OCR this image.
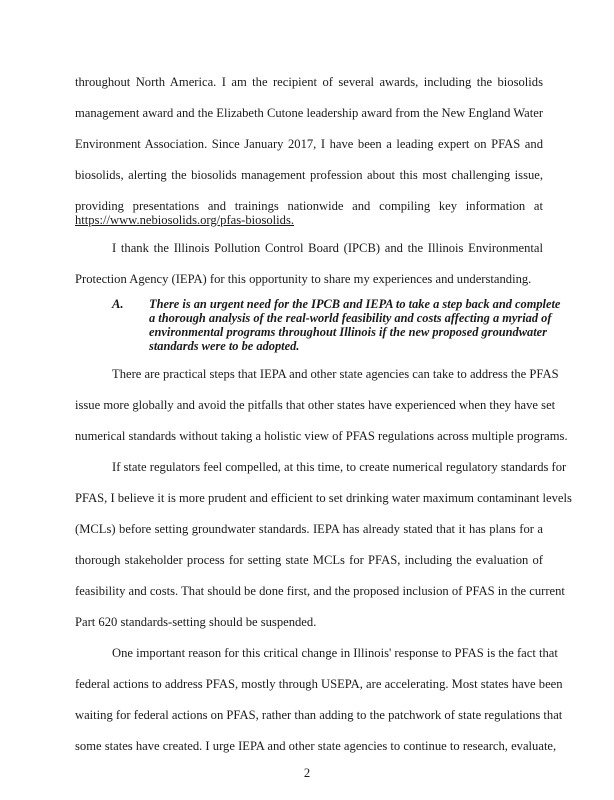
throughout North America. I am the recipient of several awards, including the biosolids
management award and the Elizabeth Cutone leadership award from the New England Water
Environment Association. Since January 2017, I have been a leading expert on PFAS and
biosolids, alerting the biosolids management profession about this most challenging issue,
providing presentations and trainings nationwide and compiling key information at
https://www.nebiosolids.org/pfas-biosolids.
I thank the Illinois Pollution Control Board (IPCB) and the Illinois Environmental
Protection Agency (IEPA) for this opportunity to share my experiences and understanding.
A. There is an urgent need for the IPCB and IEPA to take a step back and complete
a thorough analysis of the real-world feasibility and costs affecting a myriad of
environmental programs throughout Illinois if the new proposed groundwater
standards were to be adopted.
There are practical steps that IEPA and other state agencies can take to address the PFAS
issue more globally and avoid the pitfalls that other states have experienced when they have set
numerical standards without taking a holistic view of PFAS regulations across multiple programs.
If state regulators feel compelled, at this time, to create numerical regulatory standards for
PFAS, I believe it is more prudent and efficient to set drinking water maximum contaminant levels
(MCLs) before setting groundwater standards. IEPA has already stated that it has plans for a
thorough stakeholder process for setting state MCLs for PFAS, including the evaluation of
feasibility and costs. That should be done first, and the proposed inclusion of PFAS in the current
Part 620 standards-setting should be suspended.
One important reason for this critical change in Illinois' response to PFAS is the fact that
federal actions to address PFAS, mostly through USEPA, are accelerating. Most states have been
waiting for federal actions on PFAS, rather than adding to the patchwork of state regulations that
some states have created. I urge IEPA and other state agencies to continue to research, evaluate,
2
